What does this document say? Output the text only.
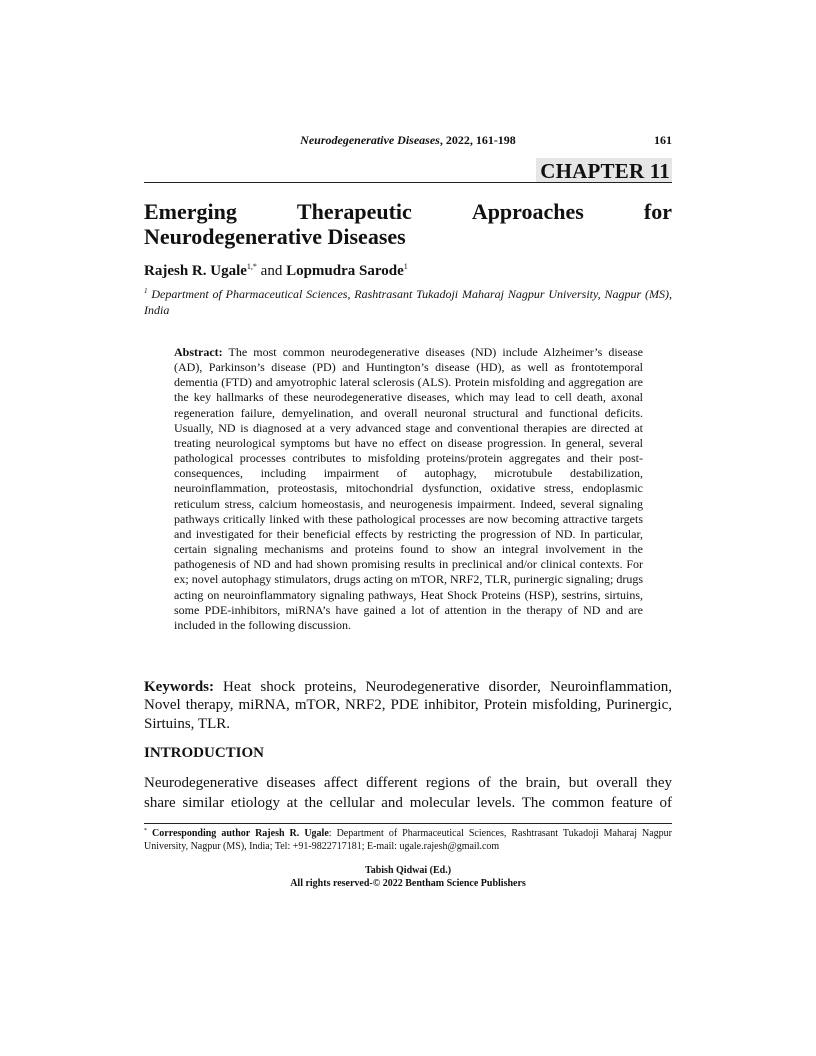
Neurodegenerative Diseases, 2022, 161-198	161
CHAPTER 11
Emerging	Therapeutic	Approaches	for
Neurodegenerative Diseases
Rajesh R. Ugale$^{1,*}$ and Lopmudra Sarode$^1$
$^1$ Department of Pharmaceutical Sciences, Rashtrasant Tukadoji Maharaj Nagpur University, Nagpur (MS), India
Abstract: The most common neurodegenerative diseases (ND) include Alzheimer’s disease (AD), Parkinson’s disease (PD) and Huntington’s disease (HD), as well as frontotemporal dementia (FTD) and amyotrophic lateral sclerosis (ALS). Protein misfolding and aggregation are the key hallmarks of these neurodegenerative diseases, which may lead to cell death, axonal regeneration failure, demyelination, and overall neuronal structural and functional deficits. Usually, ND is diagnosed at a very advanced stage and conventional therapies are directed at treating neurological symptoms but have no effect on disease progression. In general, several pathological processes contributes to misfolding proteins/protein aggregates and their post-consequences, including impairment of autophagy, microtubule destabilization, neuroinflammation, proteostasis, mitochondrial dysfunction, oxidative stress, endoplasmic reticulum stress, calcium homeostasis, and neurogenesis impairment. Indeed, several signaling pathways critically linked with these pathological processes are now becoming attractive targets and investigated for their beneficial effects by restricting the progression of ND. In particular, certain signaling mechanisms and proteins found to show an integral involvement in the pathogenesis of ND and had shown promising results in preclinical and/or clinical contexts. For ex; novel autophagy stimulators, drugs acting on mTOR, NRF2, TLR, purinergic signaling; drugs acting on neuroinflammatory signaling pathways, Heat Shock Proteins (HSP), sestrins, sirtuins, some PDE-inhibitors, miRNA’s have gained a lot of attention in the therapy of ND and are included in the following discussion.
Keywords: Heat shock proteins, Neurodegenerative disorder, Neuroinflammation, Novel therapy, miRNA, mTOR, NRF2, PDE inhibitor, Protein misfolding, Purinergic, Sirtuins, TLR.
INTRODUCTION
Neurodegenerative diseases affect different regions of the brain, but overall they
share similar etiology at the cellular and molecular levels. The common feature of
* Corresponding author Rajesh R. Ugale: Department of Pharmaceutical Sciences, Rashtrasant Tukadoji Maharaj Nagpur University, Nagpur (MS), India; Tel: +91-9822717181; E-mail: ugale.rajesh@gmail.com
Tabish Qidwai (Ed.)
All rights reserved-© 2022 Bentham Science Publishers
